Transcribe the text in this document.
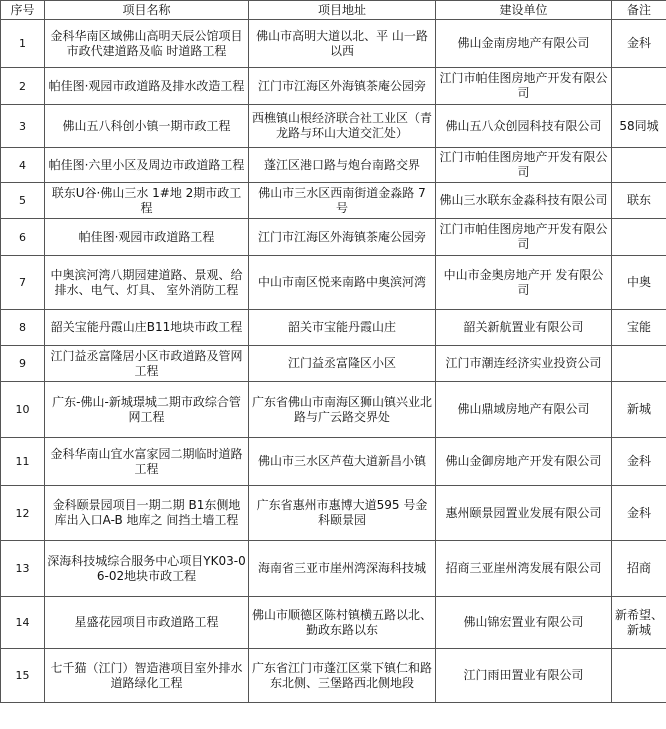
序号	项目名称	项目地址	建设单位	备注
1	金科华南区域佛山高明天辰公馆项目市政代建道路及临 时道路工程	佛山市高明大道以北、平 山一路以西	佛山金南房地产有限公司	金科
2	帕佳图·观园市政道路及排水改造工程	江门市江海区外海镇茶庵公园旁	江门市帕佳图房地产开发有限公司	
3	佛山五八科创小镇一期市政工程	西樵镇山根经济联合社工业区（青龙路与环山大道交汇处）	佛山五八众创园科技有限公司	58同城
4	帕佳图·六里小区及周边市政道路工程	蓬江区港口路与炮台南路交界	江门市帕佳图房地产开发有限公司	
5	联东U谷·佛山三水 1#地 2期市政工程	佛山市三水区西南街道金淼路 7 号	佛山三水联东金淼科技有限公司	联东
6	帕佳图·观园市政道路工程	江门市江海区外海镇茶庵公园旁	江门市帕佳图房地产开发有限公司	
7	中奥滨河湾八期园建道路、景观、给排水、电气、灯具、 室外消防工程	中山市南区悦来南路中奥滨河湾	中山市金奥房地产开 发有限公司	中奥
8	韶关宝能丹霞山庄B11地块市政工程	韶关市宝能丹霞山庄	韶关新航置业有限公司	宝能
9	江门益丞富隆居小区市政道路及管网工程	江门益丞富隆区小区	江门市潮连经济实业投资公司	
10	广东-佛山-新城璟城二期市政综合管网工程	广东省佛山市南海区狮山镇兴业北路与广云路交界处	佛山鼎域房地产有限公司	新城
11	金科华南山宜水富家园二期临时道路工程	佛山市三水区芦苞大道新昌小镇	佛山金御房地产开发有限公司	金科
12	金科颐景园项目一期二期 B1东侧地库出入口A-B 地库之 间挡土墙工程	广东省惠州市惠博大道595 号金科颐景园	惠州颐景园置业发展有限公司	金科
13	深海科技城综合服务中心项目YK03-06-02地块市政工程	海南省三亚市崖州湾深海科技城	招商三亚崖州湾发展有限公司	招商
14	星盛花园项目市政道路工程	佛山市顺德区陈村镇横五路以北、勤政东路以东	佛山锦宏置业有限公司	新希望、新城
15	七千猫（江门）智造港项目室外排水道路绿化工程	广东省江门市蓬江区棠下镇仁和路东北侧、三堡路西北侧地段	江门雨田置业有限公司	
